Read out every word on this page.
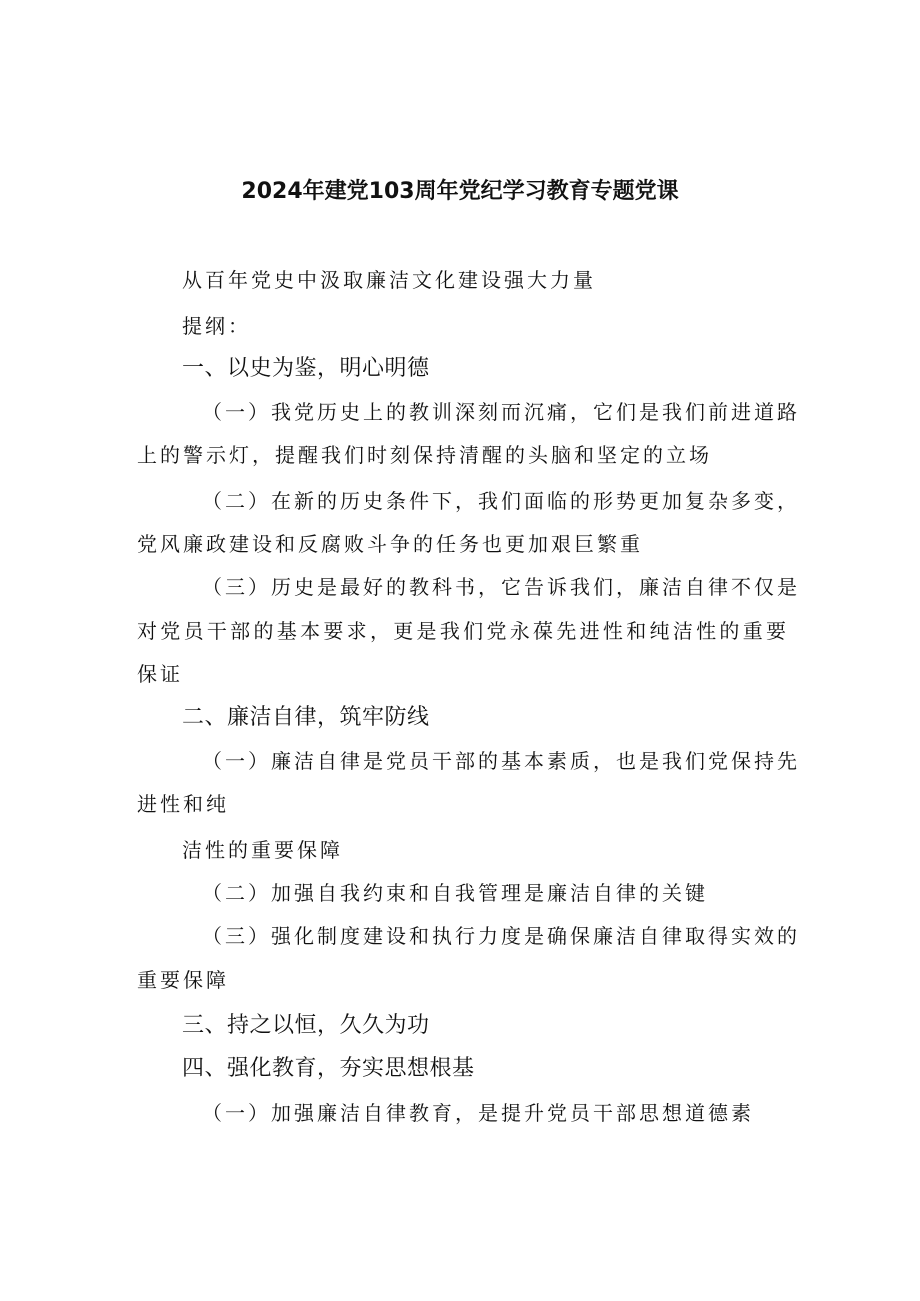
2024年建党103周年党纪学习教育专题党课
从百年党史中汲取廉洁文化建设强大力量
提纲：
一、以史为鉴，明心明德
（一）我党历史上的教训深刻而沉痛，它们是我们前进道路
上的警示灯，提醒我们时刻保持清醒的头脑和坚定的立场
（二）在新的历史条件下，我们面临的形势更加复杂多变，
党风廉政建设和反腐败斗争的任务也更加艰巨繁重
（三）历史是最好的教科书，它告诉我们，廉洁自律不仅是
对党员干部的基本要求，更是我们党永葆先进性和纯洁性的重要
保证
二、廉洁自律，筑牢防线
（一）廉洁自律是党员干部的基本素质，也是我们党保持先
进性和纯
洁性的重要保障
（二）加强自我约束和自我管理是廉洁自律的关键
（三）强化制度建设和执行力度是确保廉洁自律取得实效的
重要保障
三、持之以恒，久久为功
四、强化教育，夯实思想根基
（一）加强廉洁自律教育，是提升党员干部思想道德素
